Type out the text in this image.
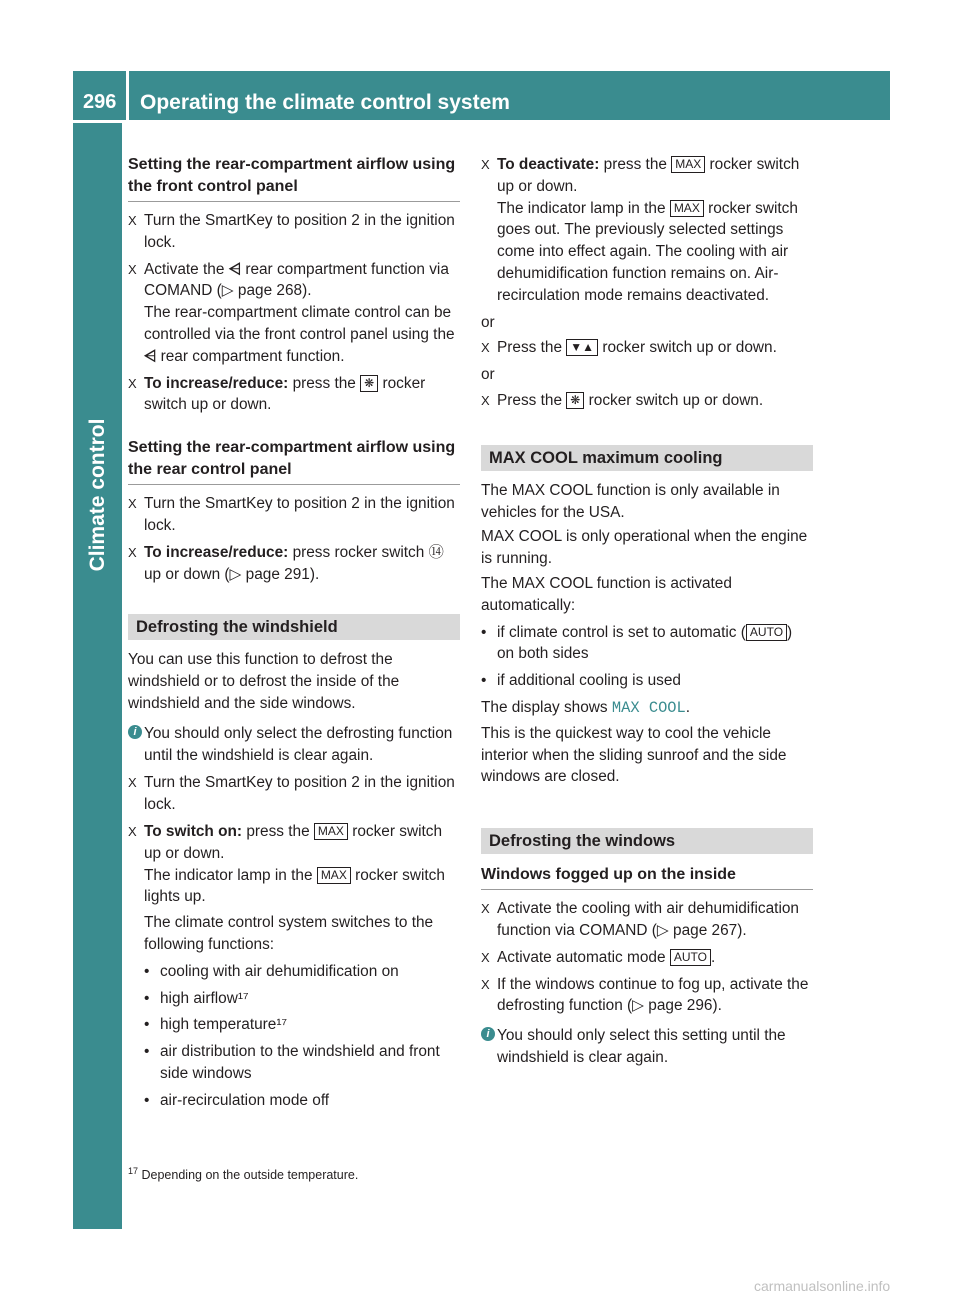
296 Operating the climate control system
Climate control
Setting the rear-compartment airflow using the front control panel
X Turn the SmartKey to position 2 in the ignition lock.
X Activate the ⩤ rear compartment function via COMAND (▷ page 268).
The rear-compartment climate control can be controlled via the front control panel using the ⩤ rear compartment function.
X To increase/reduce: press the ❋ rocker switch up or down.
Setting the rear-compartment airflow using the rear control panel
X Turn the SmartKey to position 2 in the ignition lock.
X To increase/reduce: press rocker switch ⑭ up or down (▷ page 291).
Defrosting the windshield

You can use this function to defrost the windshield or to defrost the inside of the windshield and the side windows.

i You should only select the defrosting function until the windshield is clear again.
X Turn the SmartKey to position 2 in the ignition lock.
X To switch on: press the MAX rocker switch up or down.
The indicator lamp in the MAX rocker switch lights up.
The climate control system switches to the following functions:
• cooling with air dehumidification on
• high airflow¹⁷
• high temperature¹⁷
• air distribution to the windshield and front side windows
• air-recirculation mode off
X To deactivate: press the MAX rocker switch up or down.
The indicator lamp in the MAX rocker switch goes out. The previously selected settings come into effect again. The cooling with air dehumidification function remains on. Air-recirculation mode remains deactivated.
or
X Press the ▼▲ rocker switch up or down.
or
X Press the ❋ rocker switch up or down.
MAX COOL maximum cooling

The MAX COOL function is only available in vehicles for the USA.

MAX COOL is only operational when the engine is running.

The MAX COOL function is activated automatically:

• if climate control is set to automatic ( AUTO ) on both sides
• if additional cooling is used

The display shows MAX COOL.

This is the quickest way to cool the vehicle interior when the sliding sunroof and the side windows are closed.

Defrosting the windows
Windows fogged up on the inside
X Activate the cooling with air dehumidification function via COMAND (▷ page 267).
X Activate automatic mode AUTO .
X If the windows continue to fog up, activate the defrosting function (▷ page 296).
i You should only select this setting until the windshield is clear again.
$^{17}$ Depending on the outside temperature.
carmanualsonline.info
